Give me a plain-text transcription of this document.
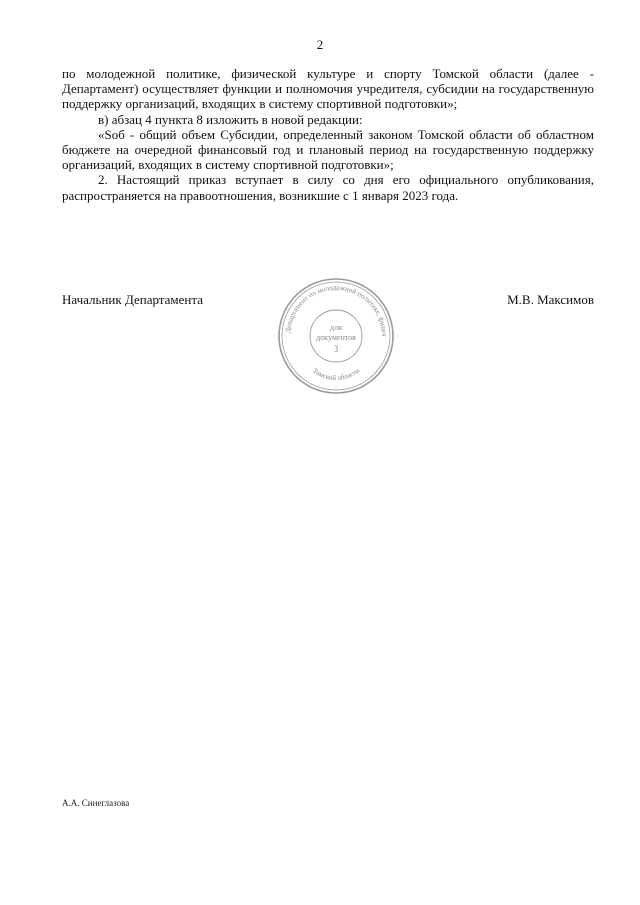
2

по молодежной политике, физической культуре и спорту Томской области (далее - Департамент) осуществляет функции и полномочия учредителя, субсидии на государственную поддержку организаций, входящих в систему спортивной подготовки»;

в) абзац 4 пункта 8 изложить в новой редакции:

«Sоб - общий объем Субсидии, определенный законом Томской области об областном бюджете на очередной финансовый год и плановый период на государственную поддержку организаций, входящих в систему спортивной подготовки»;

2. Настоящий приказ вступает в силу со дня его официального опубликования, распространяется на правоотношения, возникшие с 1 января 2023 года.

Начальник Департамента	М.В. Максимов
Департамент по молодежной политике, физич
Томской области
для
документов
3
А.А. Синеглазова
